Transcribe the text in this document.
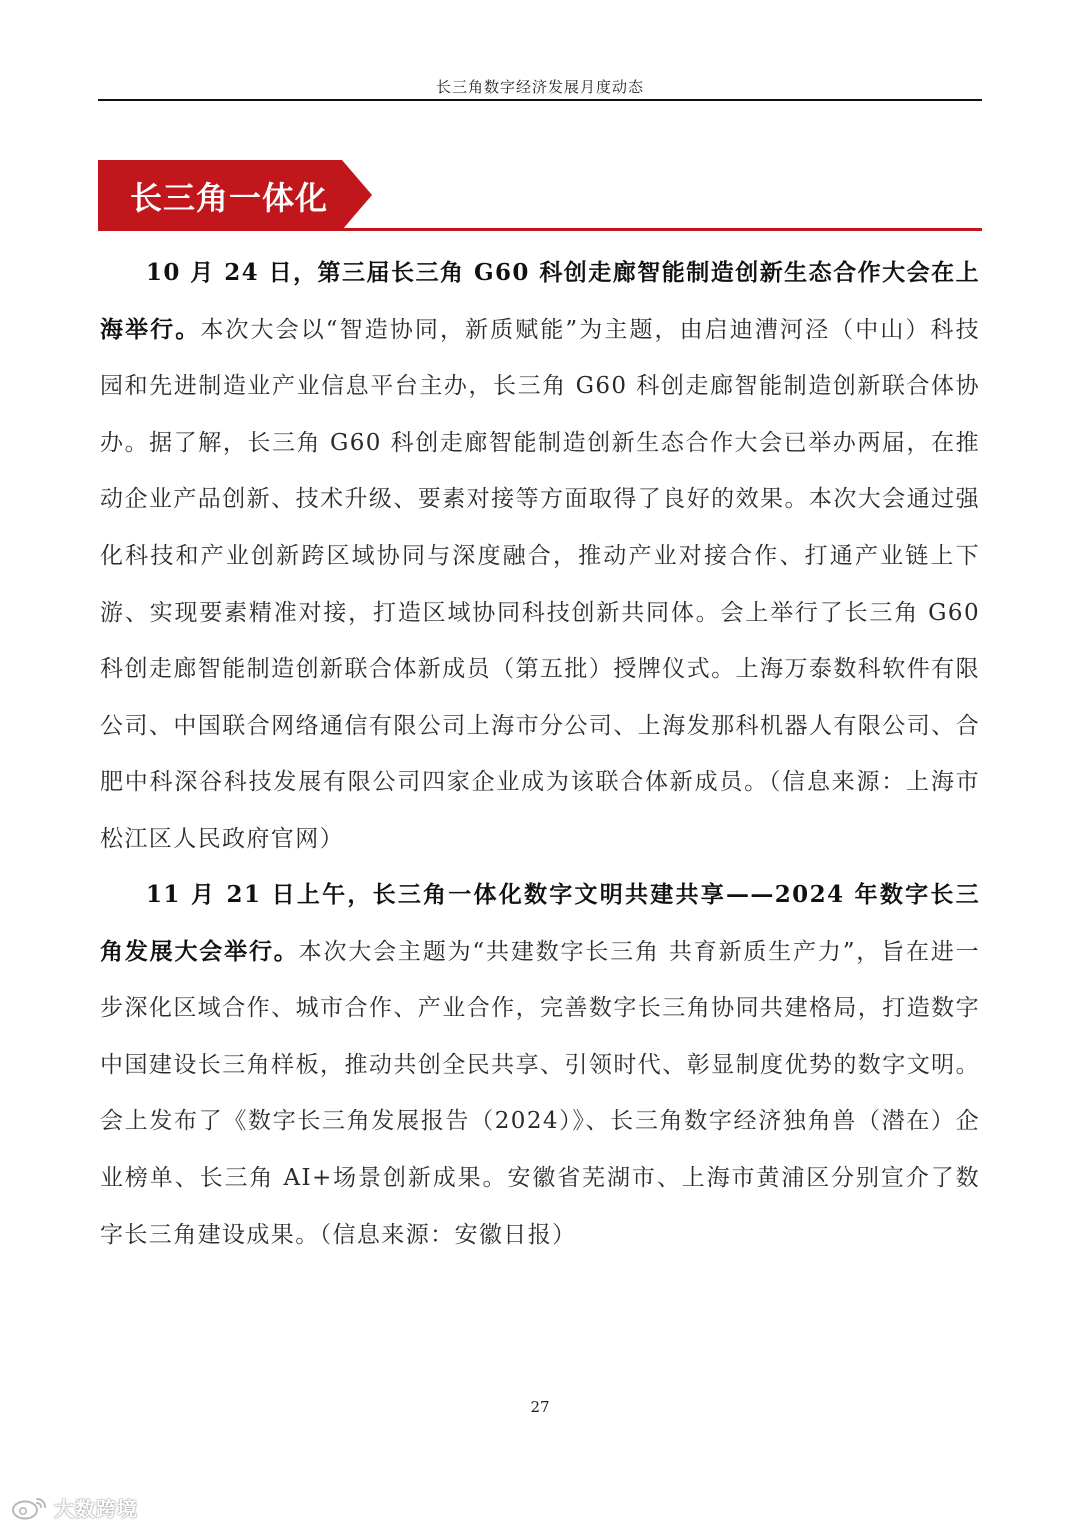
长三角数字经济发展月度动态
长三角一体化

10 月 24 日，第三届长三角 G60 科创走廊智能制造创新生态合作大会在上海举行。本次大会以“智造协同，新质赋能”为主题，由启迪漕河泾（中山）科技园和先进制造业产业信息平台主办，长三角 G60 科创走廊智能制造创新联合体协办。据了解，长三角 G60 科创走廊智能制造创新生态合作大会已举办两届，在推动企业产品创新、技术升级、要素对接等方面取得了良好的效果。本次大会通过强化科技和产业创新跨区域协同与深度融合，推动产业对接合作、打通产业链上下游、实现要素精准对接，打造区域协同科技创新共同体。会上举行了长三角 G60 科创走廊智能制造创新联合体新成员（第五批）授牌仪式。上海万泰数科软件有限公司、中国联合网络通信有限公司上海市分公司、上海发那科机器人有限公司、合肥中科深谷科技发展有限公司四家企业成为该联合体新成员。（信息来源：上海市松江区人民政府官网）

11 月 21 日上午，长三角一体化数字文明共建共享——2024 年数字长三角发展大会举行。本次大会主题为“共建数字长三角 共育新质生产力”，旨在进一步深化区域合作、城市合作、产业合作，完善数字长三角协同共建格局，打造数字中国建设长三角样板，推动共创全民共享、引领时代、彰显制度优势的数字文明。会上发布了《数字长三角发展报告（2024）》、长三角数字经济独角兽（潜在）企业榜单、长三角 AI+场景创新成果。安徽省芜湖市、上海市黄浦区分别宣介了数字长三角建设成果。（信息来源：安徽日报）

27
大数跨境
